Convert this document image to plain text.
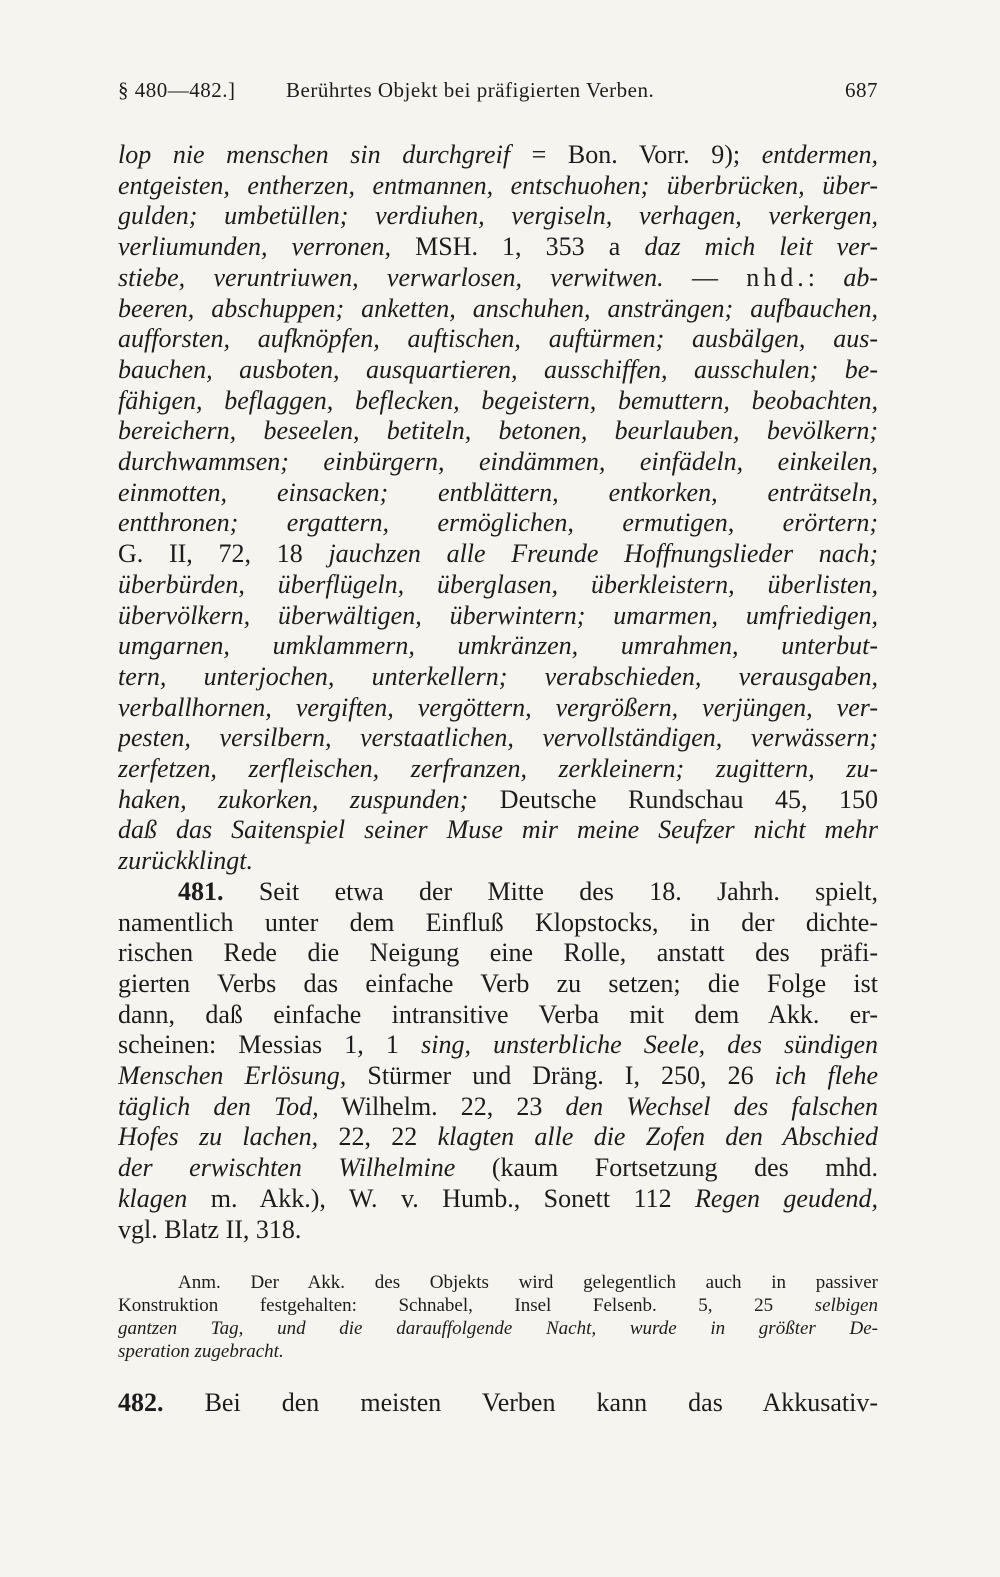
§ 480—482.] Berührtes Objekt bei präfigierten Verben.	687
lop nie menschen sin durchgreif = Bon. Vorr. 9); entdermen,
entgeisten, entherzen, entmannen, entschuohen; überbrücken, über-
gulden; umbetüllen; verdiuhen, vergiseln, verhagen, verkergen,
verliumunden, verronen, MSH. 1, 353 a daz mich leit ver-
stiebe, veruntriuwen, verwarlosen, verwitwen. — nhd.: ab-
beeren, abschuppen; anketten, anschuhen, ansträngen; aufbauchen,
aufforsten, aufknöpfen, auftischen, auftürmen; ausbälgen, aus-
bauchen, ausboten, ausquartieren, ausschiffen, ausschulen; be-
fähigen, beflaggen, beflecken, begeistern, bemuttern, beobachten,
bereichern, beseelen, betiteln, betonen, beurlauben, bevölkern;
durchwammsen; einbürgern, eindämmen, einfädeln, einkeilen,
einmotten, einsacken; entblättern, entkorken, enträtseln,
entthronen; ergattern, ermöglichen, ermutigen, erörtern;
G. II, 72, 18 jauchzen alle Freunde Hoffnungslieder nach;
überbürden, überflügeln, überglasen, überkleistern, überlisten,
übervölkern, überwältigen, überwintern; umarmen, umfriedigen,
umgarnen, umklammern, umkränzen, umrahmen, unterbut-
tern, unterjochen, unterkellern; verabschieden, verausgaben,
verballhornen, vergiften, vergöttern, vergrößern, verjüngen, ver-
pesten, versilbern, verstaatlichen, vervollständigen, verwässern;
zerfetzen, zerfleischen, zerfranzen, zerkleinern; zugittern, zu-
haken, zukorken, zuspunden; Deutsche Rundschau 45, 150
daß das Saitenspiel seiner Muse mir meine Seufzer nicht mehr
zurückklingt.
481. Seit etwa der Mitte des 18. Jahrh. spielt,
namentlich unter dem Einfluß Klopstocks, in der dichte-
rischen Rede die Neigung eine Rolle, anstatt des präfi-
gierten Verbs das einfache Verb zu setzen; die Folge ist
dann, daß einfache intransitive Verba mit dem Akk. er-
scheinen: Messias 1, 1 sing, unsterbliche Seele, des sündigen
Menschen Erlösung, Stürmer und Dräng. I, 250, 26 ich flehe
täglich den Tod, Wilhelm. 22, 23 den Wechsel des falschen
Hofes zu lachen, 22, 22 klagten alle die Zofen den Abschied
der erwischten Wilhelmine (kaum Fortsetzung des mhd.
klagen m. Akk.), W. v. Humb., Sonett 112 Regen geudend,
vgl. Blatz II, 318.
Anm. Der Akk. des Objekts wird gelegentlich auch in passiver
Konstruktion festgehalten: Schnabel, Insel Felsenb. 5, 25 selbigen
gantzen Tag, und die darauffolgende Nacht, wurde in größter De-
speration zugebracht.
482. Bei den meisten Verben kann das Akkusativ-
